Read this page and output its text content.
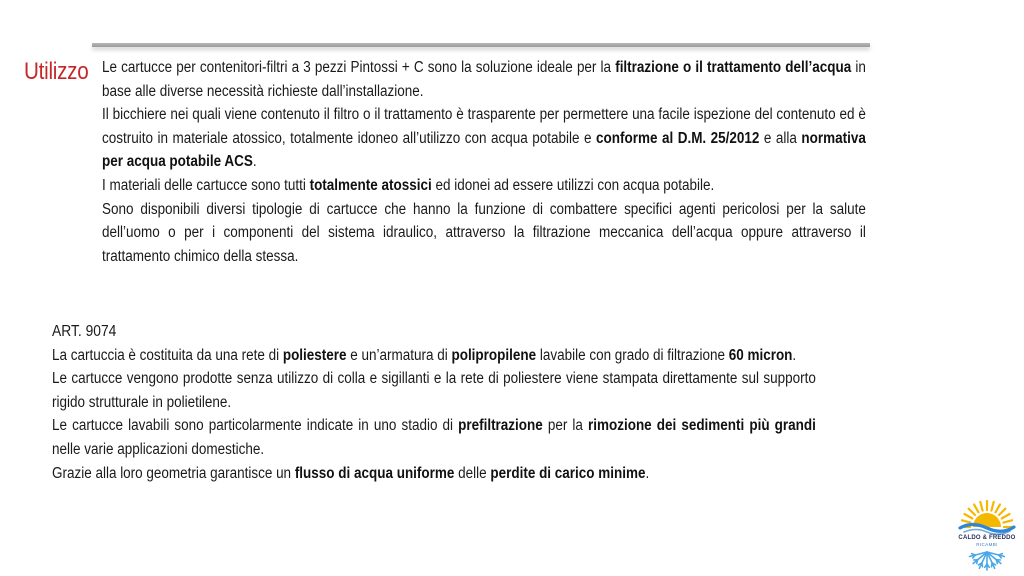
Utilizzo Le cartucce per contenitori-filtri a 3 pezzi Pintossi + C sono la soluzione ideale per la filtrazione o il trattamento dell’acqua in base alle diverse necessità richieste dall’installazione.

Il bicchiere nei quali viene contenuto il filtro o il trattamento è trasparente per permettere una facile ispezione del contenuto ed è costruito in materiale atossico, totalmente idoneo all’utilizzo con acqua potabile e conforme al D.M. 25/2012 e alla normativa per acqua potabile ACS.

I materiali delle cartucce sono tutti totalmente atossici ed idonei ad essere utilizzi con acqua potabile.

Sono disponibili diversi tipologie di cartucce che hanno la funzione di combattere specifici agenti pericolosi per la salute dell’uomo o per i componenti del sistema idraulico, attraverso la filtrazione meccanica dell’acqua oppure attraverso il trattamento chimico della stessa.

ART. 9074

La cartuccia è costituita da una rete di poliestere e un’armatura di polipropilene lavabile con grado di filtrazione 60 micron.

Le cartucce vengono prodotte senza utilizzo di colla e sigillanti e la rete di poliestere viene stampata direttamente sul supporto rigido strutturale in polietilene.

Le cartucce lavabili sono particolarmente indicate in uno stadio di prefiltrazione per la rimozione dei sedimenti più grandi nelle varie applicazioni domestiche.

Grazie alla loro geometria garantisce un flusso di acqua uniforme delle perdite di carico minime.

CALDO & FREDDO
RICAMBI
